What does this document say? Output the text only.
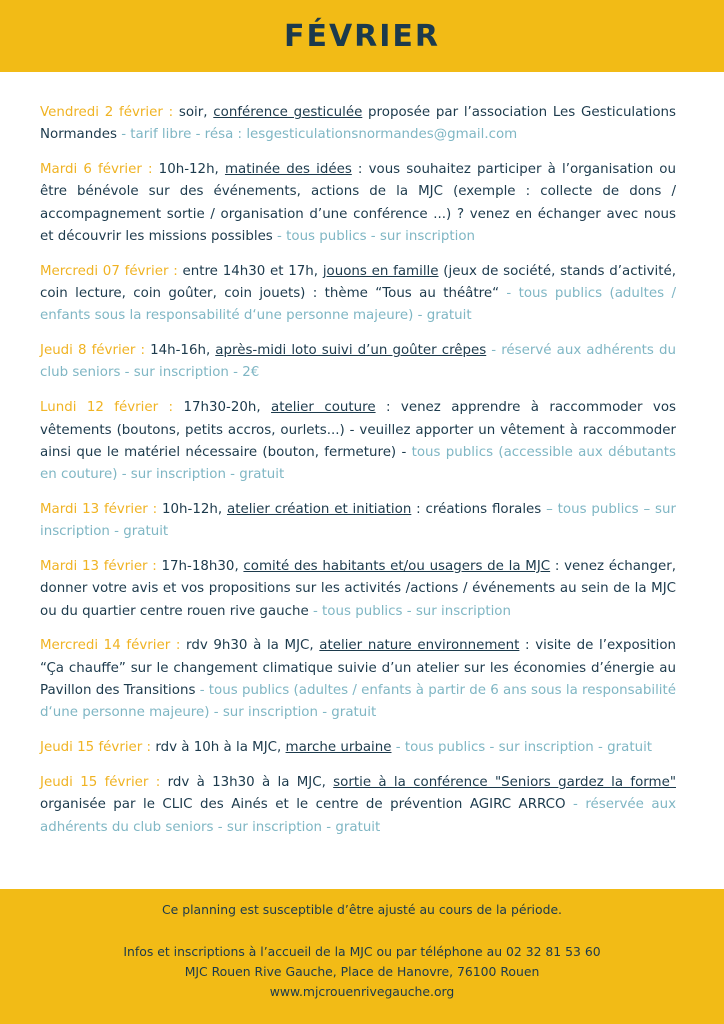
FÉVRIER

Vendredi 2 février : soir, conférence gesticulée proposée par l’association Les Gesticulations Normandes - tarif libre - résa : lesgesticulationsnormandes@gmail.com

Mardi 6 février : 10h-12h, matinée des idées : vous souhaitez participer à l’organisation ou être bénévole sur des événements, actions de la MJC (exemple : collecte de dons / accompagnement sortie / organisation d’une conférence ...) ? venez en échanger avec nous et découvrir les missions possibles - tous publics - sur inscription

Mercredi 07 février : entre 14h30 et 17h, jouons en famille (jeux de société, stands d’activité, coin lecture, coin goûter, coin jouets) : thème “Tous au théâtre“ - tous publics (adultes / enfants sous la responsabilité d‘une personne majeure) - gratuit

Jeudi 8 février : 14h-16h, après-midi loto suivi d’un goûter crêpes - réservé aux adhérents du club seniors - sur inscription - 2€

Lundi 12 février : 17h30-20h, atelier couture : venez apprendre à raccommoder vos vêtements (boutons, petits accros, ourlets...) - veuillez apporter un vêtement à raccommoder ainsi que le matériel nécessaire (bouton, fermeture) - tous publics (accessible aux débutants en couture) - sur inscription - gratuit

Mardi 13 février : 10h-12h, atelier création et initiation : créations florales – tous publics – sur inscription - gratuit

Mardi 13 février : 17h-18h30, comité des habitants et/ou usagers de la MJC : venez échanger, donner votre avis et vos propositions sur les activités /actions / événements au sein de la MJC ou du quartier centre rouen rive gauche - tous publics - sur inscription

Mercredi 14 février : rdv 9h30 à la MJC, atelier nature environnement : visite de l’exposition “Ça chauffe” sur le changement climatique suivie d’un atelier sur les économies d’énergie au Pavillon des Transitions - tous publics (adultes / enfants à partir de 6 ans sous la responsabilité d‘une personne majeure) - sur inscription - gratuit

Jeudi 15 février : rdv à 10h à la MJC, marche urbaine - tous publics - sur inscription - gratuit

Jeudi 15 février : rdv à 13h30 à la MJC, sortie à la conférence "Seniors gardez la forme" organisée par le CLIC des Ainés et le centre de prévention AGIRC ARRCO - réservée aux adhérents du club seniors - sur inscription - gratuit

Ce planning est susceptible d’être ajusté au cours de la période.
Infos et inscriptions à l’accueil de la MJC ou par téléphone au 02 32 81 53 60
MJC Rouen Rive Gauche, Place de Hanovre, 76100 Rouen
www.mjcrouenrivegauche.org
